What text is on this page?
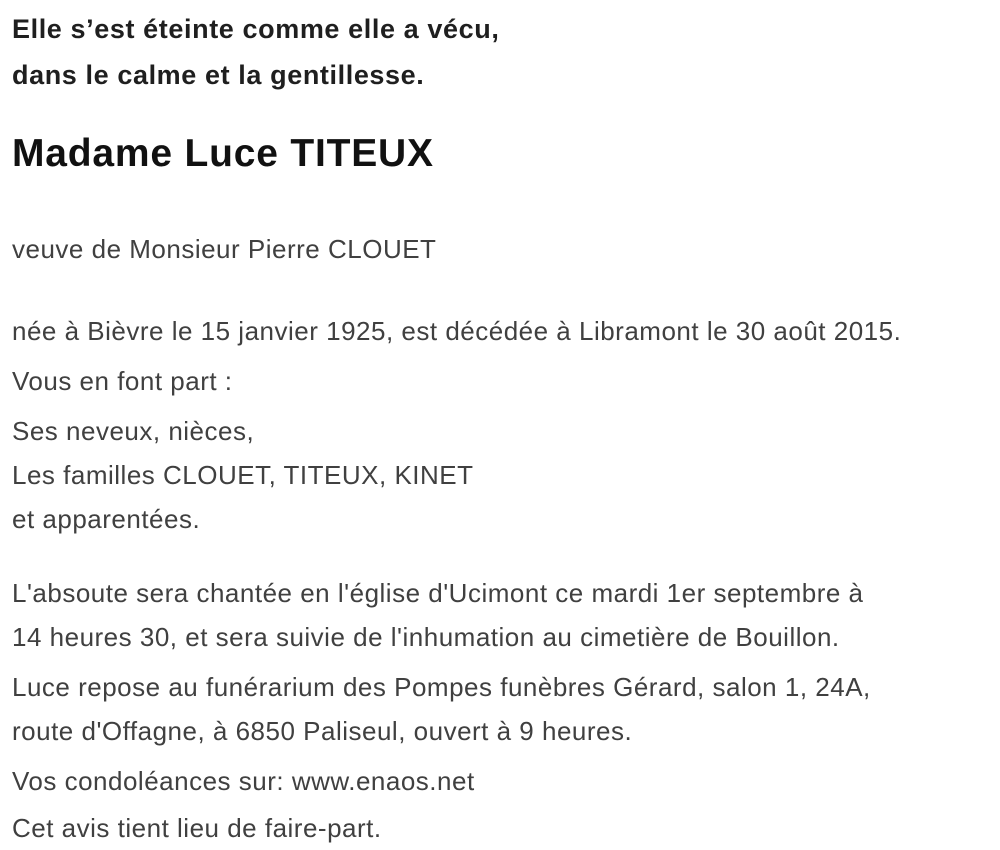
Elle s’est éteinte comme elle a vécu,

dans le calme et la gentillesse.

Madame Luce TITEUX

veuve de Monsieur Pierre CLOUET

née à Bièvre le 15 janvier 1925, est décédée à Libramont le 30 août 2015.

Vous en font part :

Ses neveux, nièces,

Les familles CLOUET, TITEUX, KINET

et apparentées.

L'absoute sera chantée en l'église d'Ucimont ce mardi 1er septembre à

14 heures 30, et sera suivie de l'inhumation au cimetière de Bouillon.

Luce repose au funérarium des Pompes funèbres Gérard, salon 1, 24A,

route d'Offagne, à 6850 Paliseul, ouvert à 9 heures.

Vos condoléances sur: www.enaos.net

Cet avis tient lieu de faire-part.
